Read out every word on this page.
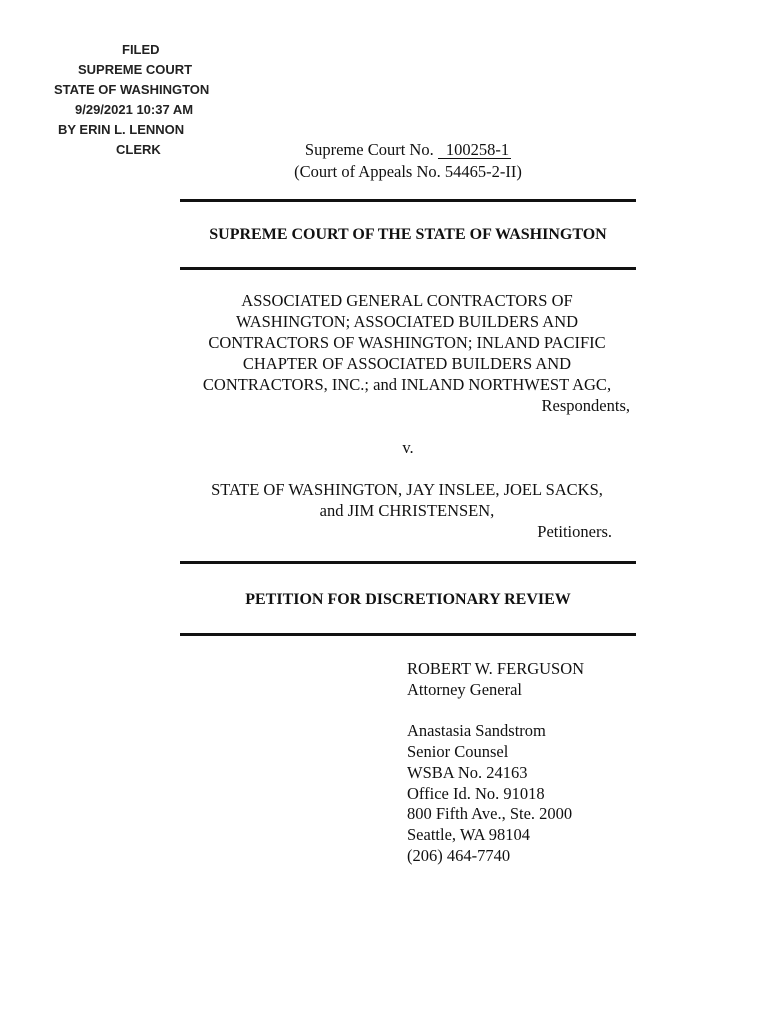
FILED
SUPREME COURT
STATE OF WASHINGTON
9/29/2021 10:37 AM
BY ERIN L. LENNON
CLERK	Supreme Court No. 100258-1
(Court of Appeals No. 54465-2-II)
SUPREME COURT OF THE STATE OF WASHINGTON
ASSOCIATED GENERAL CONTRACTORS OF
WASHINGTON; ASSOCIATED BUILDERS AND
CONTRACTORS OF WASHINGTON; INLAND PACIFIC
CHAPTER OF ASSOCIATED BUILDERS AND
CONTRACTORS, INC.; and INLAND NORTHWEST AGC,
Respondents,
v.
STATE OF WASHINGTON, JAY INSLEE, JOEL SACKS,
and JIM CHRISTENSEN,
Petitioners.
PETITION FOR DISCRETIONARY REVIEW
ROBERT W. FERGUSON
Attorney General
Anastasia Sandstrom
Senior Counsel
WSBA No. 24163
Office Id. No. 91018
800 Fifth Ave., Ste. 2000
Seattle, WA 98104
(206) 464-7740
